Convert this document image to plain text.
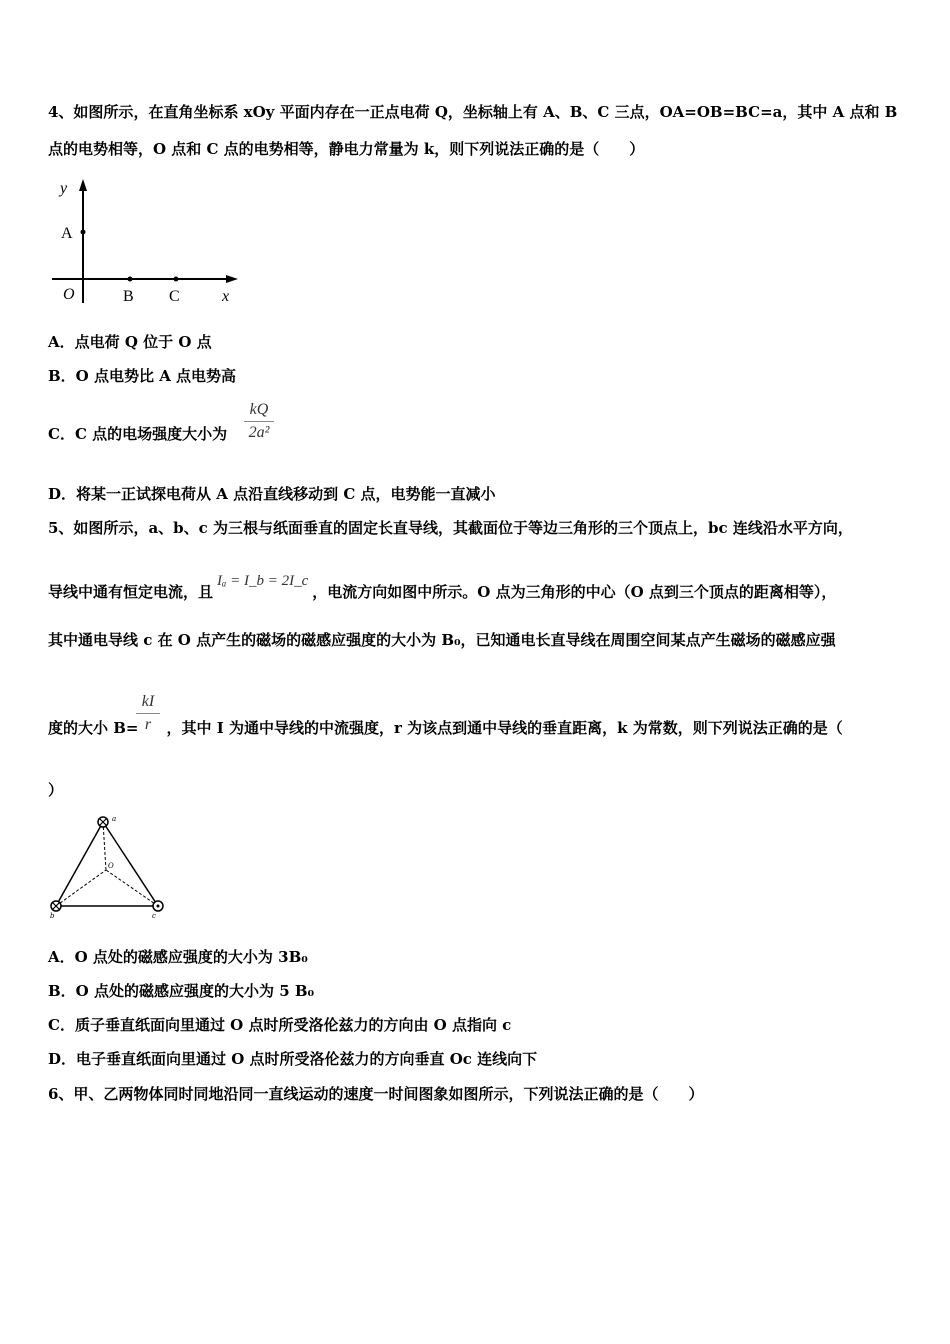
4、如图所示，在直角坐标系 xOy 平面内存在一正点电荷 Q，坐标轴上有 A、B、C 三点，OA=OB=BC=a，其中 A 点和 B
点的电势相等，O 点和 C 点的电势相等，静电力常量为 k，则下列说法正确的是（　　）
y
A
O	B C	x
A．点电荷 Q 位于 O 点
B．O 点电势比 A 点电势高
C．C 点的电场强度大小为
kQ
2a²
D．将某一正试探电荷从 A 点沿直线移动到 C 点，电势能一直减小
5、如图所示，a、b、c 为三根与纸面垂直的固定长直导线，其截面位于等边三角形的三个顶点上，bc 连线沿水平方向，
导线中通有恒定电流，且Iₐ = I_b = 2I_c，电流方向如图中所示。O 点为三角形的中心（O 点到三个顶点的距离相等），
其中通电导线 c 在 O 点产生的磁场的磁感应强度的大小为 B₀，已知通电长直导线在周围空间某点产生磁场的磁感应强
度的大小 B= ，其中 I 为通中导线的中流强度，r 为该点到通中导线的垂直距离，k 为常数，则下列说法正确的是（
kI
r
）
a
b	c
O
A．O 点处的磁感应强度的大小为 3B₀
B．O 点处的磁感应强度的大小为 5 B₀
C．质子垂直纸面向里通过 O 点时所受洛伦兹力的方向由 O 点指向 c
D．电子垂直纸面向里通过 O 点时所受洛伦兹力的方向垂直 Oc 连线向下
6、甲、乙两物体同时同地沿同一直线运动的速度一时间图象如图所示，下列说法正确的是（　　）
